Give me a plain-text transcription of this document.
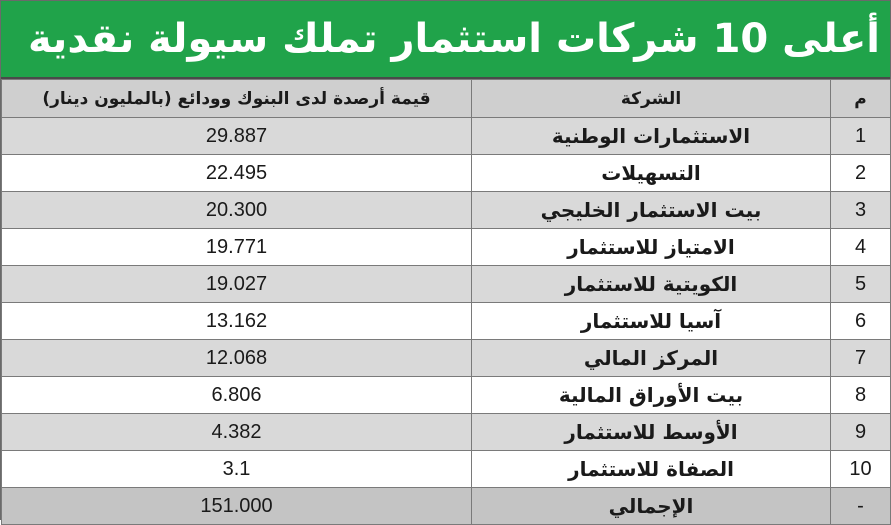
أعلى 10 شركات استثمار تملك سيولة نقدية
قيمة أرصدة لدى البنوك وودائع (بالمليون دينار)	الشركة	م
29.887	الاستثمارات الوطنية	1
22.495	التسهيلات	2
20.300	بيت الاستثمار الخليجي	3
19.771	الامتياز للاستثمار	4
19.027	الكويتية للاستثمار	5
13.162	آسيا للاستثمار	6
12.068	المركز المالي	7
6.806	بيت الأوراق المالية	8
4.382	الأوسط للاستثمار	9
3.1	الصفاة للاستثمار	10
151.000	الإجمالي	-
